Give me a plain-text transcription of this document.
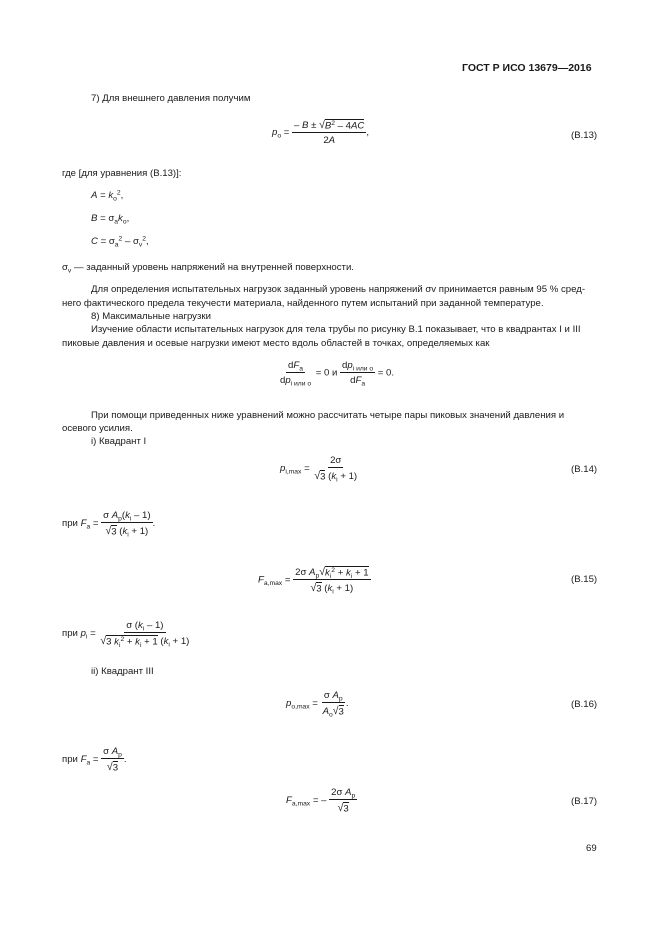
ГОСТ Р ИСО 13679—2016
7) Для внешнего давления получим
$p_o = \frac{- B \pm √B^2 - 4AC}{2A}$ ,	(В.13)
где [для уравнения (В.13)]:
$A = k_o^2$,
$B = \sigma_ak_o$,
$C = \sigma_a^2 - \sigma_v^2$,
$\sigma_v$ — заданный уровень напряжений на внутренней поверхности.
Для определения испытательных нагрузок заданный уровень напряжений σv принимается равным 95 % сред-
него фактического предела текучести материала, найденного путем испытаний при заданной температуре.
8) Максимальные нагрузки
Изучение области испытательных нагрузок для тела трубы по рисунку В.1 показывает, что в квадрантах I и III
пиковые давления и осевые нагрузки имеют место вдоль областей в точках, определяемых как
$\frac{dF_a}{dp_{i или o}} = 0$ и $\frac{dp_{i или o}}{dF_a} = 0$.
При помощи приведенных ниже уравнений можно рассчитать четыре пары пиковых значений давления и
осевого усилия.
i) Квадрант I
$p_{i,max} = \frac{2\sigma}{√3 (k_i + 1)}$	(В.14)
при $F_a = \frac{\sigma A_p(k_i - 1)}{√3 (k_i + 1)}$ .
$F_{a,max} = \frac{2\sigma A_p√k_i^2 + k_i + 1}{√3 (k_i + 1)}$	(В.15)
при $p_i = \frac{\sigma (k_i - 1)}{√3 k_i^2 + k_i + 1 (k_i + 1)}$
ii) Квадрант III
$p_{o,max} = \frac{\sigma A_p}{A_o√3}$ .	(В.16)
при $F_a = \frac{\sigma A_p}{√3}$ .
$F_{a,max}$ = – $\frac{2\sigma A_p}{√3}$	(В.17)
69
